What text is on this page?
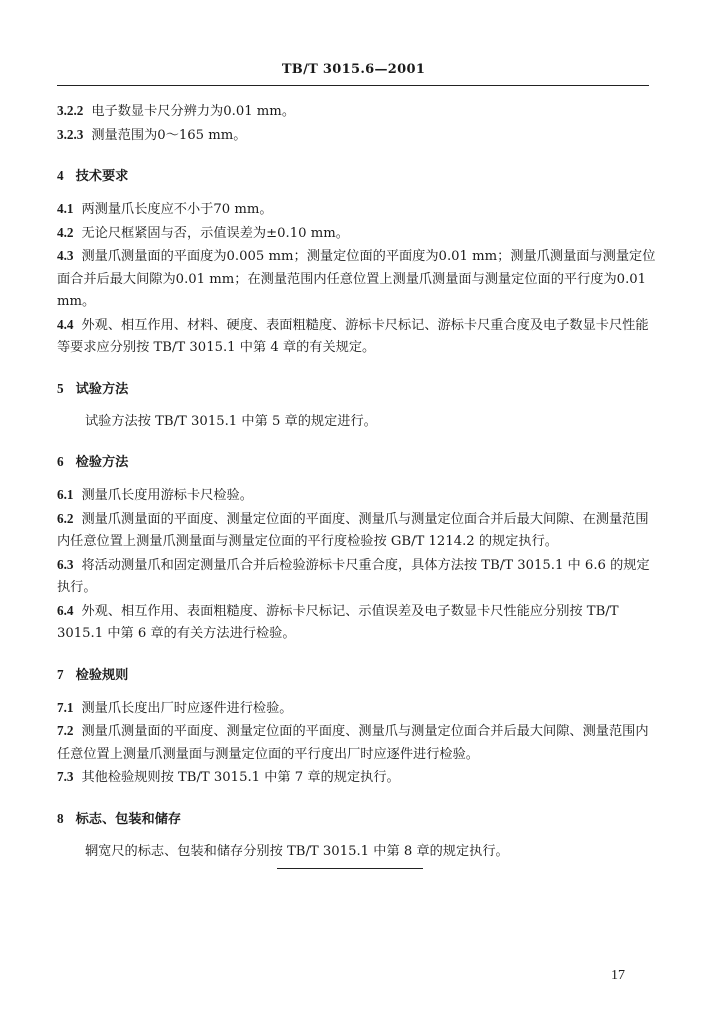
TB/T 3015.6—2001
3.2.2 电子数显卡尺分辨力为0.01 mm。
3.2.3 测量范围为0～165 mm。
4 技术要求
4.1 两测量爪长度应不小于70 mm。
4.2 无论尺框紧固与否，示值误差为±0.10 mm。
4.3 测量爪测量面的平面度为0.005 mm；测量定位面的平面度为0.01 mm；测量爪测量面与测量定位面合并后最大间隙为0.01 mm；在测量范围内任意位置上测量爪测量面与测量定位面的平行度为0.01 mm。
4.4 外观、相互作用、材料、硬度、表面粗糙度、游标卡尺标记、游标卡尺重合度及电子数显卡尺性能等要求应分别按 TB/T 3015.1 中第 4 章的有关规定。
5 试验方法
试验方法按 TB/T 3015.1 中第 5 章的规定进行。
6 检验方法
6.1 测量爪长度用游标卡尺检验。
6.2 测量爪测量面的平面度、测量定位面的平面度、测量爪与测量定位面合并后最大间隙、在测量范围内任意位置上测量爪测量面与测量定位面的平行度检验按 GB/T 1214.2 的规定执行。
6.3 将活动测量爪和固定测量爪合并后检验游标卡尺重合度，具体方法按 TB/T 3015.1 中 6.6 的规定执行。
6.4 外观、相互作用、表面粗糙度、游标卡尺标记、示值误差及电子数显卡尺性能应分别按 TB/T 3015.1 中第 6 章的有关方法进行检验。
7 检验规则
7.1 测量爪长度出厂时应逐件进行检验。
7.2 测量爪测量面的平面度、测量定位面的平面度、测量爪与测量定位面合并后最大间隙、测量范围内任意位置上测量爪测量面与测量定位面的平行度出厂时应逐件进行检验。
7.3 其他检验规则按 TB/T 3015.1 中第 7 章的规定执行。
8 标志、包装和储存
辋宽尺的标志、包装和储存分别按 TB/T 3015.1 中第 8 章的规定执行。
17
